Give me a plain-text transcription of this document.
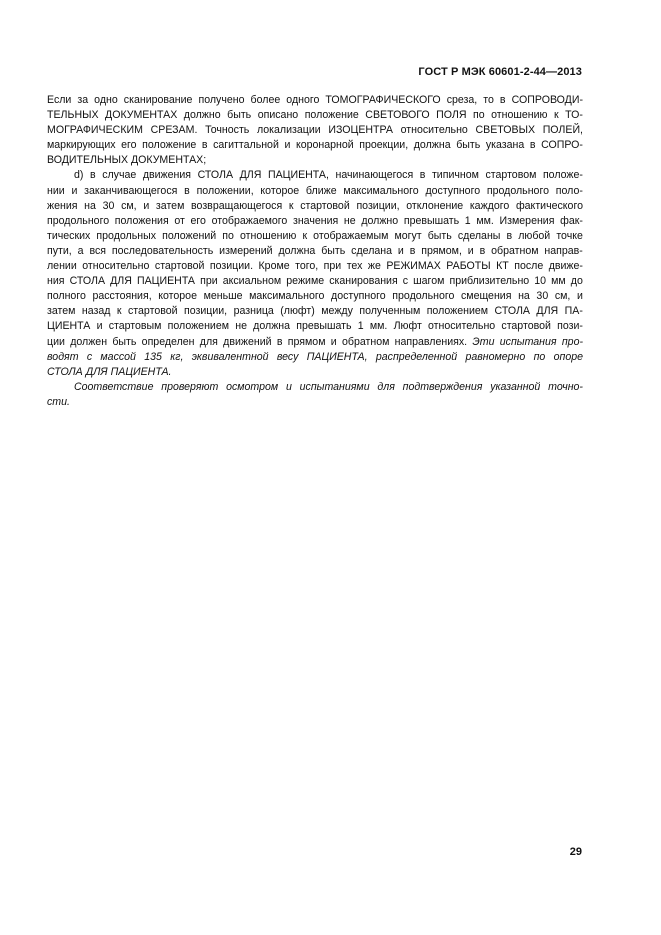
ГОСТ Р МЭК 60601-2-44—2013
Если за одно сканирование получено более одного ТОМОГРАФИЧЕСКОГО среза, то в СОПРОВОДИ-
ТЕЛЬНЫХ ДОКУМЕНТАХ должно быть описано положение СВЕТОВОГО ПОЛЯ по отношению к ТО-
МОГРАФИЧЕСКИМ СРЕЗАМ. Точность локализации ИЗОЦЕНТРА относительно СВЕТОВЫХ ПОЛЕЙ,
маркирующих его положение в сагиттальной и коронарной проекции, должна быть указана в СОПРО-
ВОДИТЕЛЬНЫХ ДОКУМЕНТАХ;
d) в случае движения СТОЛА ДЛЯ ПАЦИЕНТА, начинающегося в типичном стартовом положе-
нии и заканчивающегося в положении, которое ближе максимального доступного продольного поло-
жения на 30 см, и затем возвращающегося к стартовой позиции, отклонение каждого фактического
продольного положения от его отображаемого значения не должно превышать 1 мм. Измерения фак-
тических продольных положений по отношению к отображаемым могут быть сделаны в любой точке
пути, а вся последовательность измерений должна быть сделана и в прямом, и в обратном направ-
лении относительно стартовой позиции. Кроме того, при тех же РЕЖИМАХ РАБОТЫ КТ после движе-
ния СТОЛА ДЛЯ ПАЦИЕНТА при аксиальном режиме сканирования с шагом приблизительно 10 мм до
полного расстояния, которое меньше максимального доступного продольного смещения на 30 см, и
затем назад к стартовой позиции, разница (люфт) между полученным положением СТОЛА ДЛЯ ПА-
ЦИЕНТА и стартовым положением не должна превышать 1 мм. Люфт относительно стартовой пози-
ции должен быть определен для движений в прямом и обратном направлениях. Эти испытания про-
водят с массой 135 кг, эквивалентной весу ПАЦИЕНТА, распределенной равномерно по опоре
СТОЛА ДЛЯ ПАЦИЕНТА.
Соответствие проверяют осмотром и испытаниями для подтверждения указанной точно-
сти.
29
